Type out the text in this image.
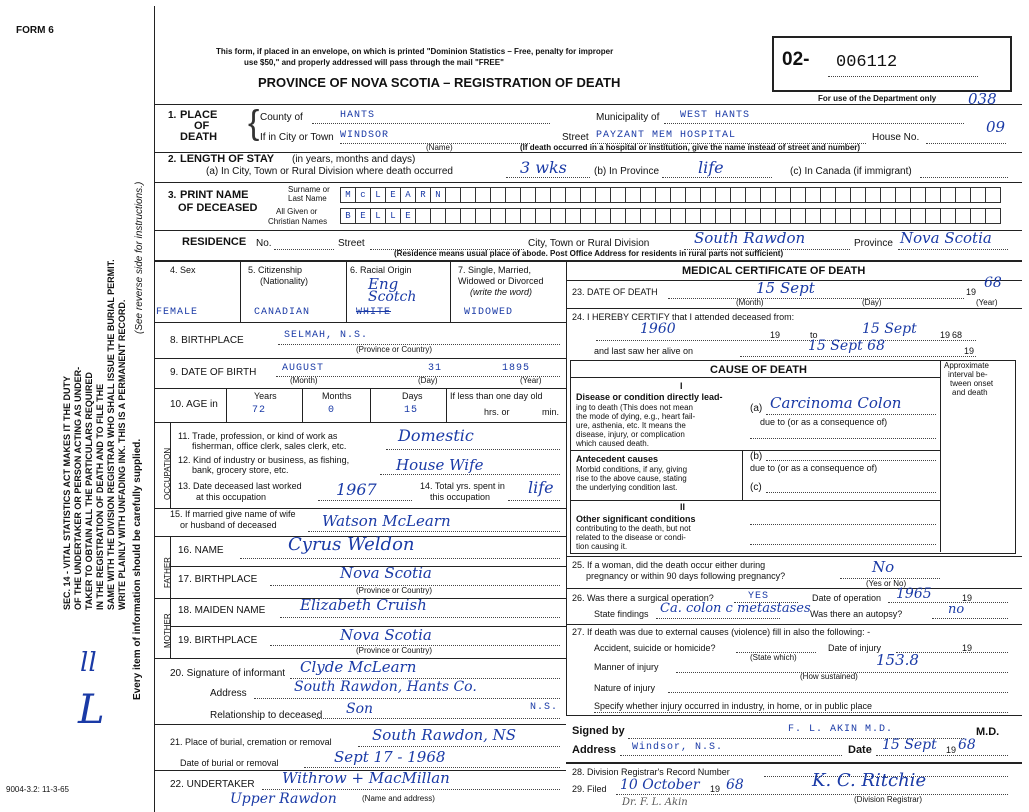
FORM 6
This form, if placed in an envelope, on which is printed "Dominion Statistics – Free, penalty for improper
use $50," and properly addressed will pass through the mail "FREE"
PROVINCE OF NOVA SCOTIA – REGISTRATION OF DEATH
02- 006112
For use of the Department only 038
09
SEC. 14 - VITAL STATISTICS ACT MAKES IT THE DUTY OF THE UNDERTAKER OR PERSON ACTING AS UNDER- TAKER TO OBTAIN ALL THE PARTICULARS REQUIRED IN THE REGISTRATION OF DEATH AND TO FILE THE SAME WITH THE DIVISION REGISTRAR WHO SHALL ISSUE THE BURIAL PERMIT. WRITE PLAINLY WITH UNFADING INK. THIS IS A PERMANENT RECORD. Every item of information should be carefully supplied.
(See reverse side for instructions.)
ll
L
9004-3.2: 11-3-65
1. PLACE
OF
DEATH { County of	HANTS	Municipality of WEST HANTS
If in City or Town WINDSOR
(Name)
Street PAYZANT MEM HOSPITAL	House No.
(If death occurred in a hospital or institution, give the name instead of street and number)
2. LENGTH OF STAY (in years, months and days)
(a) In City, Town or Rural Division where death occurred	3 wks	(b) In Province life	(c) In Canada (if immigrant)
3. PRINT NAME
OF DECEASED
Surname or
Last Name	M	c	L	E	A	R	N
All Given or
Christian Names
B	E	L	L	E
RESIDENCE No.	Street	City, Town or Rural Division	South Rawdon	Province Nova Scotia
(Residence means usual place of abode. Post Office Address for residents in rural parts not sufficient)
4. Sex	5. Citizenship
(Nationality)
6. Racial Origin
Eng
Scotch
7. Single, Married,
Widowed or Divorced
(write the word)
FEMALE	CANADIAN	WHITE	WIDOWED
8. BIRTHPLACE	SELMAH, N.S.
(Province or Country)
9. DATE OF BIRTH	AUGUST	31	1895
(Month)	(Day)	(Year)
10. AGE in
Years	Months	Days
72	0	15
If less than one day old
hrs. or	min.
OCCUPATION
11. Trade, profession, or kind of work as
fisherman, office clerk, sales clerk, etc.
Domestic
12. Kind of industry or business, as fishing,
bank, grocery store, etc.	House Wife
13. Date deceased last worked
at this occupation	1967	14. Total yrs. spent in
this occupation life
15. If married give name of wife
or husband of deceased	Watson McLearn
FATHER
16. NAME	Cyrus Weldon
17. BIRTHPLACE	Nova Scotia
(Province or Country)
MOTHER
18. MAIDEN NAME Elizabeth Cruish
19. BIRTHPLACE	Nova Scotia
(Province or Country)
20. Signature of informant Clyde McLearn
Address	South Rawdon, Hants Co.
Relationship to deceased Son	N.S.
21. Place of burial, cremation or removal	South Rawdon, NS
Date of burial or removal	Sept 17 - 1968
22. UNDERTAKER Withrow + MacMillan
Upper Rawdon	(Name and address)
MEDICAL CERTIFICATE OF DEATH
23. DATE OF DEATH	15 Sept	19
68
(Month)	(Day)	(Year)
24. I HEREBY CERTIFY that I attended deceased from:
1960	19	to	15 Sept	19 68
and last saw her alive on	15 Sept 68	19
CAUSE OF DEATH	Approximate
interval be-
tween onset
and death
I
Disease or condition directly lead-
ing to death (This does not mean
the mode of dying, e.g., heart fail-
ure, asthenia, etc. It means the
disease, injury, or complication
which caused death.
(a) Carcinoma Colon
due to (or as a consequence of)
Antecedent causes
Morbid conditions, if any, giving
rise to the above cause, stating
the underlying condition last.
(b)
due to (or as a consequence of)
(c)
II
Other significant conditions
contributing to the death, but not
related to the disease or condi-
tion causing it.
25. If a woman, did the death occur either during
pregnancy or within 90 days following pregnancy?	No
(Yes or No)
26. Was there a surgical operation?	YES	Date of operation 1965	19
State findings Ca. colon c metastases Was there an autopsy?	no
27. If death was due to external causes (violence) fill in also the following: -
Accident, suicide or homicide?
(State which)
Date of injury	19
Manner of injury	153.8
(How sustained)
Nature of injury
Specify whether injury occurred in industry, in home, or in public place
Signed by	F. L. AKIN M.D.	M.D.
Address Windsor, N.S.	Date 15 Sept 19 68
28. Division Registrar's Record Number
29. Filed 10 October 19 68	K. C. Ritchie
(Division Registrar)
Dr. F. L. Akin
